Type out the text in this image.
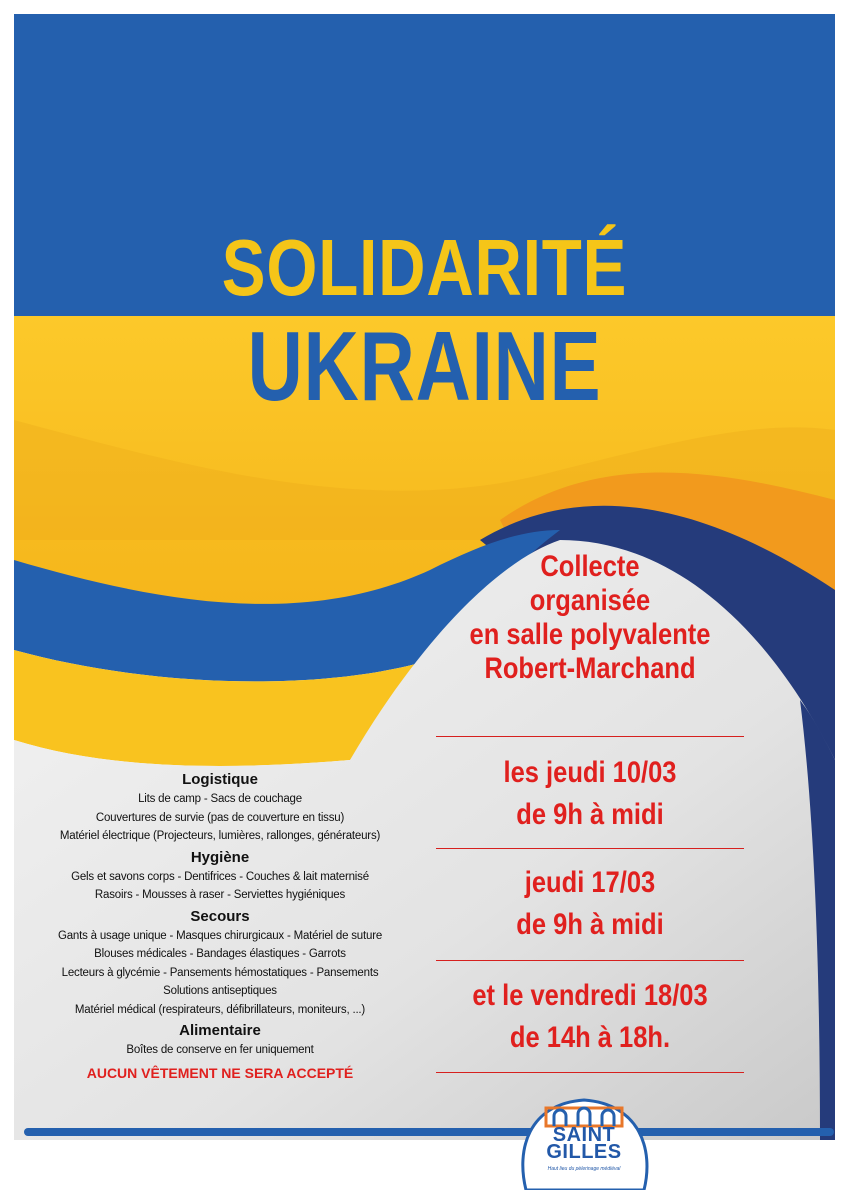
SOLIDARITÉ
UKRAINE
Collecte
organisée
en salle polyvalente
Robert-Marchand
les jeudi 10/03
de 9h à midi
jeudi 17/03
de 9h à midi
et le vendredi 18/03
de 14h à 18h.
Logistique
Lits de camp - Sacs de couchage
Couvertures de survie (pas de couverture en tissu)
Matériel électrique (Projecteurs, lumières, rallonges, générateurs)
Hygiène
Gels et savons corps - Dentifrices - Couches & lait maternisé
Rasoirs - Mousses à raser - Serviettes hygiéniques
Secours
Gants à usage unique - Masques chirurgicaux - Matériel de suture
Blouses médicales - Bandages élastiques - Garrots
Lecteurs à glycémie - Pansements hémostatiques - Pansements
Solutions antiseptiques
Matériel médical (respirateurs, défibrillateurs, moniteurs, ...)
Alimentaire
Boîtes de conserve en fer uniquement
AUCUN VÊTEMENT NE SERA ACCEPTÉ
SAINT
GILLES
Haut lieu du pèlerinage médiéval
